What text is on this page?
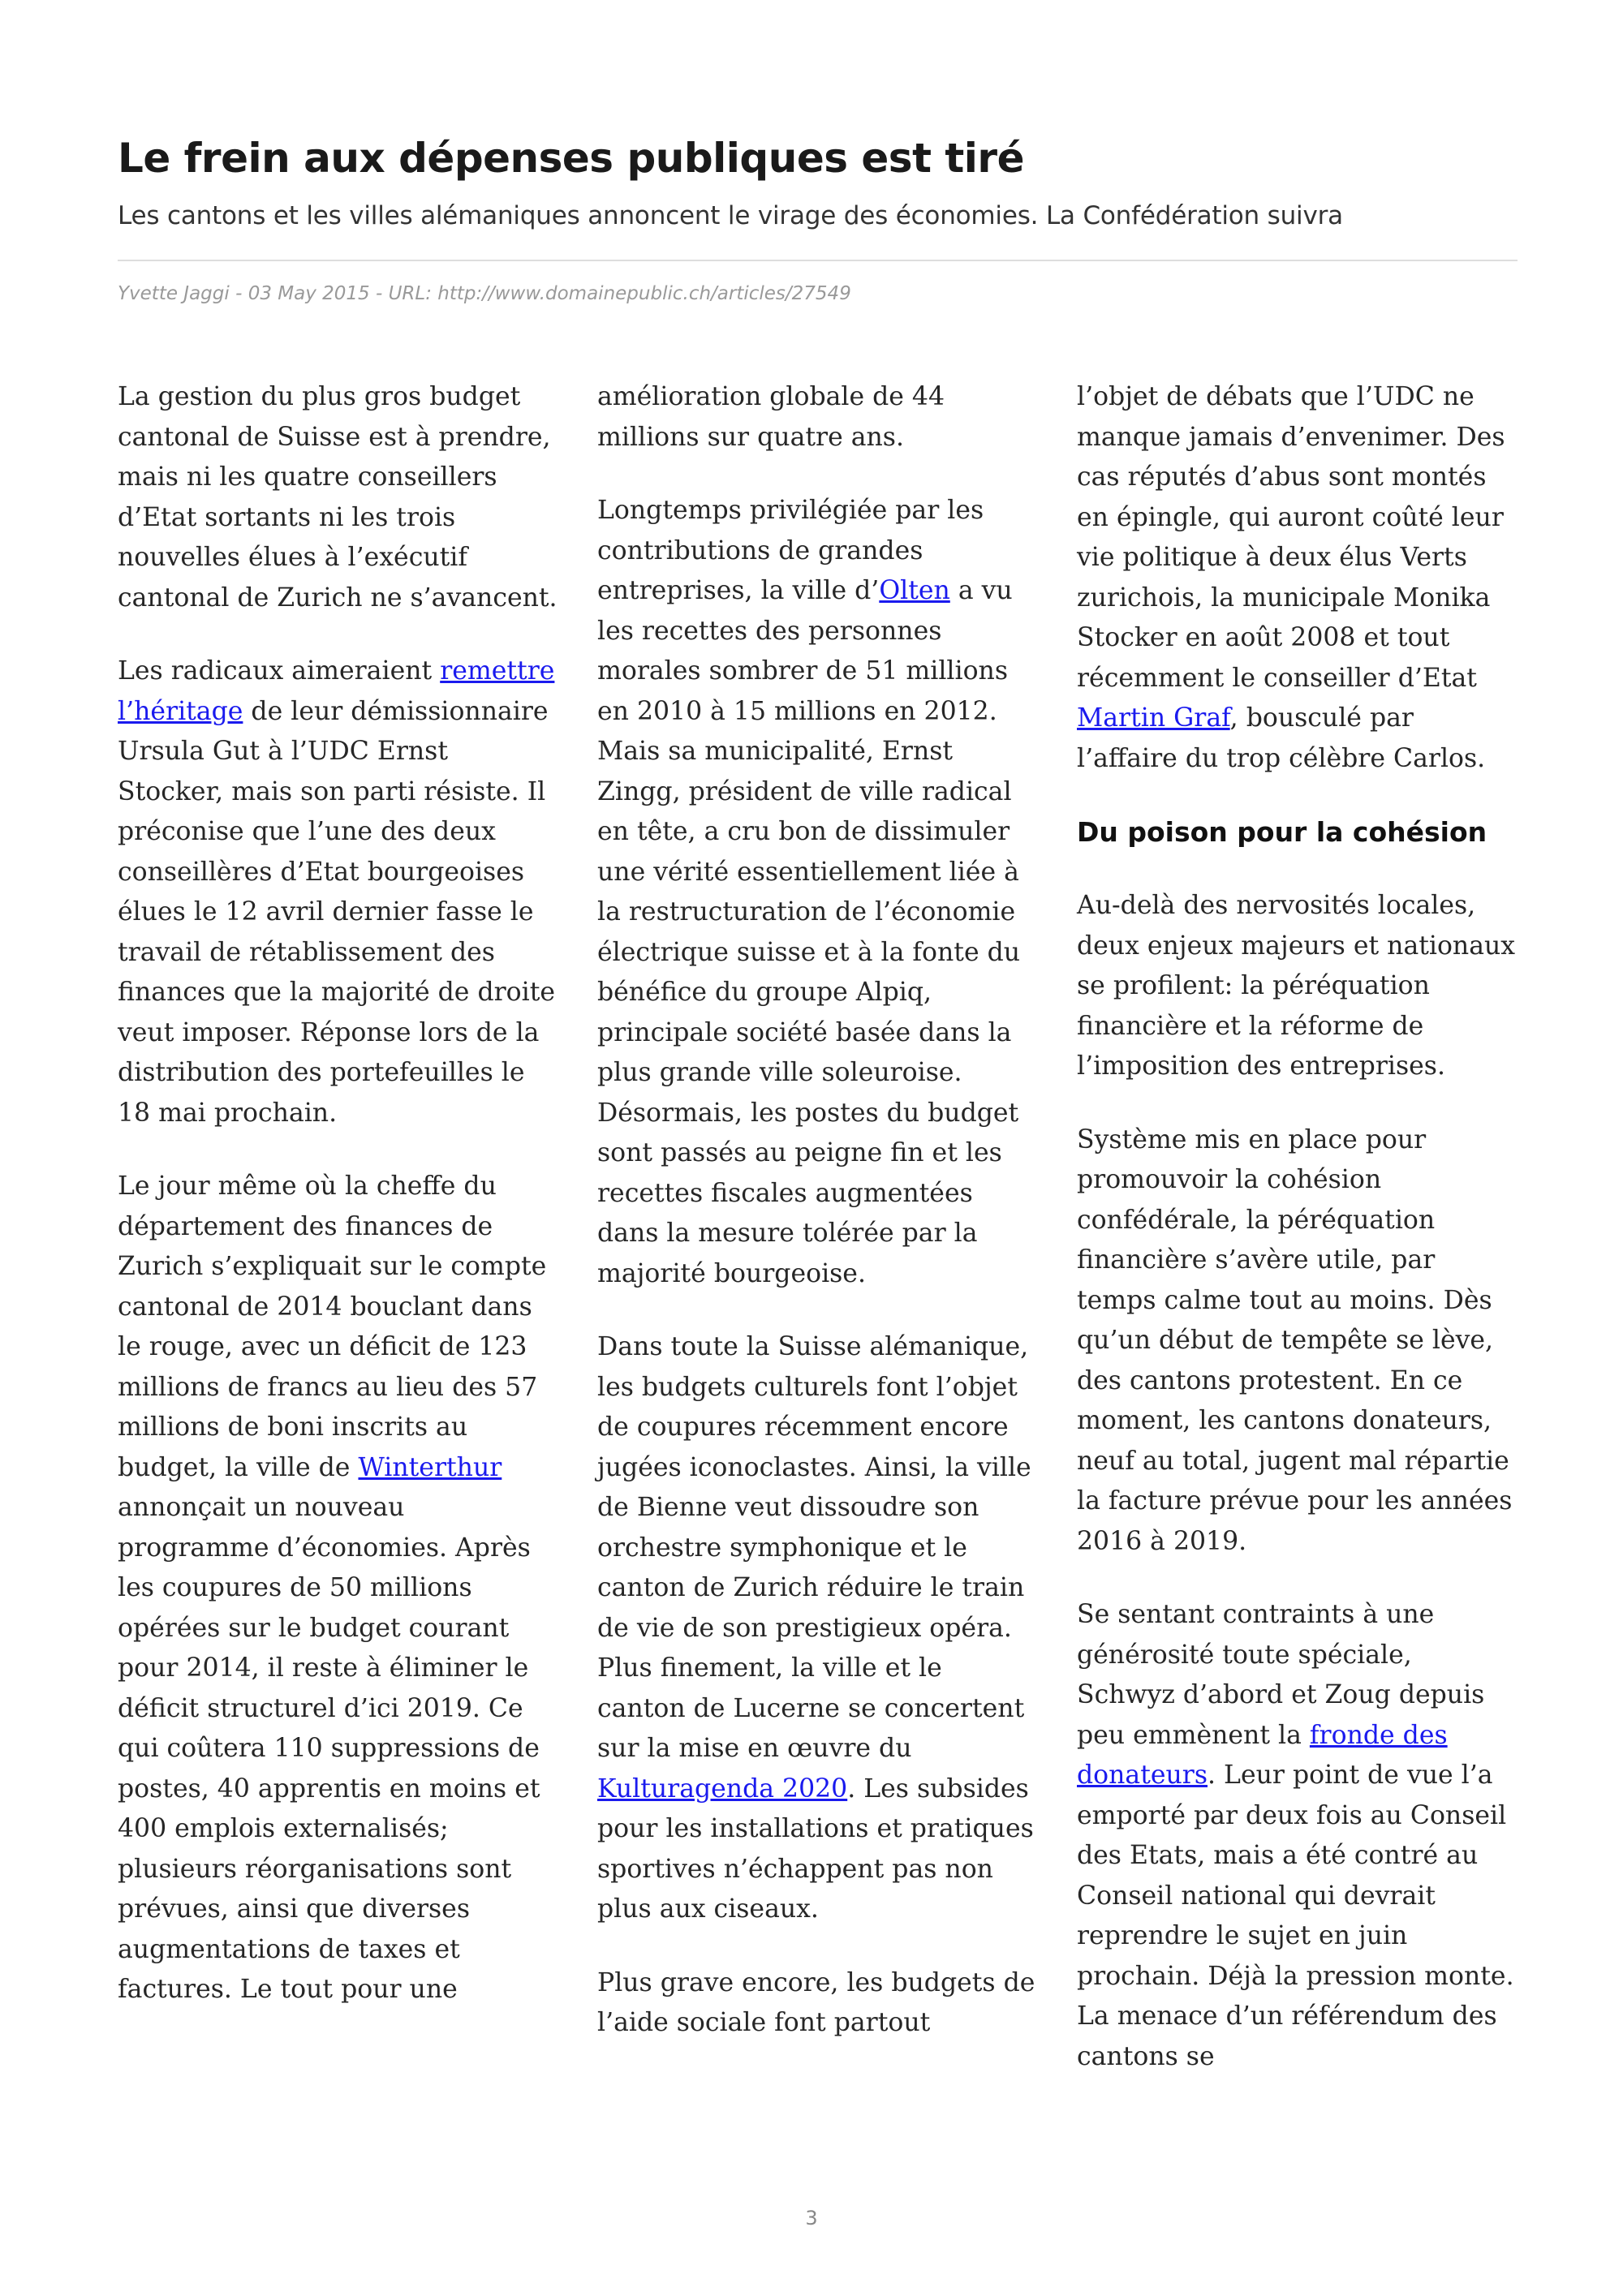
Le frein aux dépenses publiques est tiré
Les cantons et les villes alémaniques annoncent le virage des économies. La Confédération suivra
Yvette Jaggi - 03 May 2015 - URL: http://www.domainepublic.ch/articles/27549

La gestion du plus gros budget cantonal de Suisse est à prendre, mais ni les quatre conseillers d’Etat sortants ni les trois nouvelles élues à l’exécutif cantonal de Zurich ne s’avancent.

Les radicaux aimeraient remettre l’héritage de leur démissionnaire Ursula Gut à l’UDC Ernst Stocker, mais son parti résiste. Il préconise que l’une des deux conseillères d’Etat bourgeoises élues le 12 avril dernier fasse le travail de rétablissement des finances que la majorité de droite veut imposer. Réponse lors de la distribution des portefeuilles le 18 mai prochain.

Le jour même où la cheffe du département des finances de Zurich s’expliquait sur le compte cantonal de 2014 bouclant dans le rouge, avec un déficit de 123 millions de francs au lieu des 57 millions de boni inscrits au budget, la ville de Winterthur annonçait un nouveau programme d’économies. Après les coupures de 50 millions opérées sur le budget courant pour 2014, il reste à éliminer le déficit structurel d’ici 2019. Ce qui coûtera 110 suppressions de postes, 40 apprentis en moins et 400 emplois externalisés; plusieurs réorganisations sont prévues, ainsi que diverses augmentations de taxes et factures. Le tout pour une

amélioration globale de 44 millions sur quatre ans.

Longtemps privilégiée par les contributions de grandes entreprises, la ville d’Olten a vu les recettes des personnes morales sombrer de 51 millions en 2010 à 15 millions en 2012. Mais sa municipalité, Ernst Zingg, président de ville radical en tête, a cru bon de dissimuler une vérité essentiellement liée à la restructuration de l’économie électrique suisse et à la fonte du bénéfice du groupe Alpiq, principale société basée dans la plus grande ville soleuroise. Désormais, les postes du budget sont passés au peigne fin et les recettes fiscales augmentées dans la mesure tolérée par la majorité bourgeoise.

Dans toute la Suisse alémanique, les budgets culturels font l’objet de coupures récemment encore jugées iconoclastes. Ainsi, la ville de Bienne veut dissoudre son orchestre symphonique et le canton de Zurich réduire le train de vie de son prestigieux opéra. Plus finement, la ville et le canton de Lucerne se concertent sur la mise en œuvre du Kulturagenda 2020. Les subsides pour les installations et pratiques sportives n’échappent pas non plus aux ciseaux.

Plus grave encore, les budgets de l’aide sociale font partout

l’objet de débats que l’UDC ne manque jamais d’envenimer. Des cas réputés d’abus sont montés en épingle, qui auront coûté leur vie politique à deux élus Verts zurichois, la municipale Monika Stocker en août 2008 et tout récemment le conseiller d’Etat Martin Graf, bousculé par l’affaire du trop célèbre Carlos.

Du poison pour la cohésion

Au-delà des nervosités locales, deux enjeux majeurs et nationaux se profilent: la péréquation financière et la réforme de l’imposition des entreprises.

Système mis en place pour promouvoir la cohésion confédérale, la péréquation financière s’avère utile, par temps calme tout au moins. Dès qu’un début de tempête se lève, des cantons protestent. En ce moment, les cantons donateurs, neuf au total, jugent mal répartie la facture prévue pour les années 2016 à 2019.

Se sentant contraints à une générosité toute spéciale, Schwyz d’abord et Zoug depuis peu emmènent la fronde des donateurs. Leur point de vue l’a emporté par deux fois au Conseil des Etats, mais a été contré au Conseil national qui devrait reprendre le sujet en juin prochain. Déjà la pression monte. La menace d’un référendum des cantons se

3
